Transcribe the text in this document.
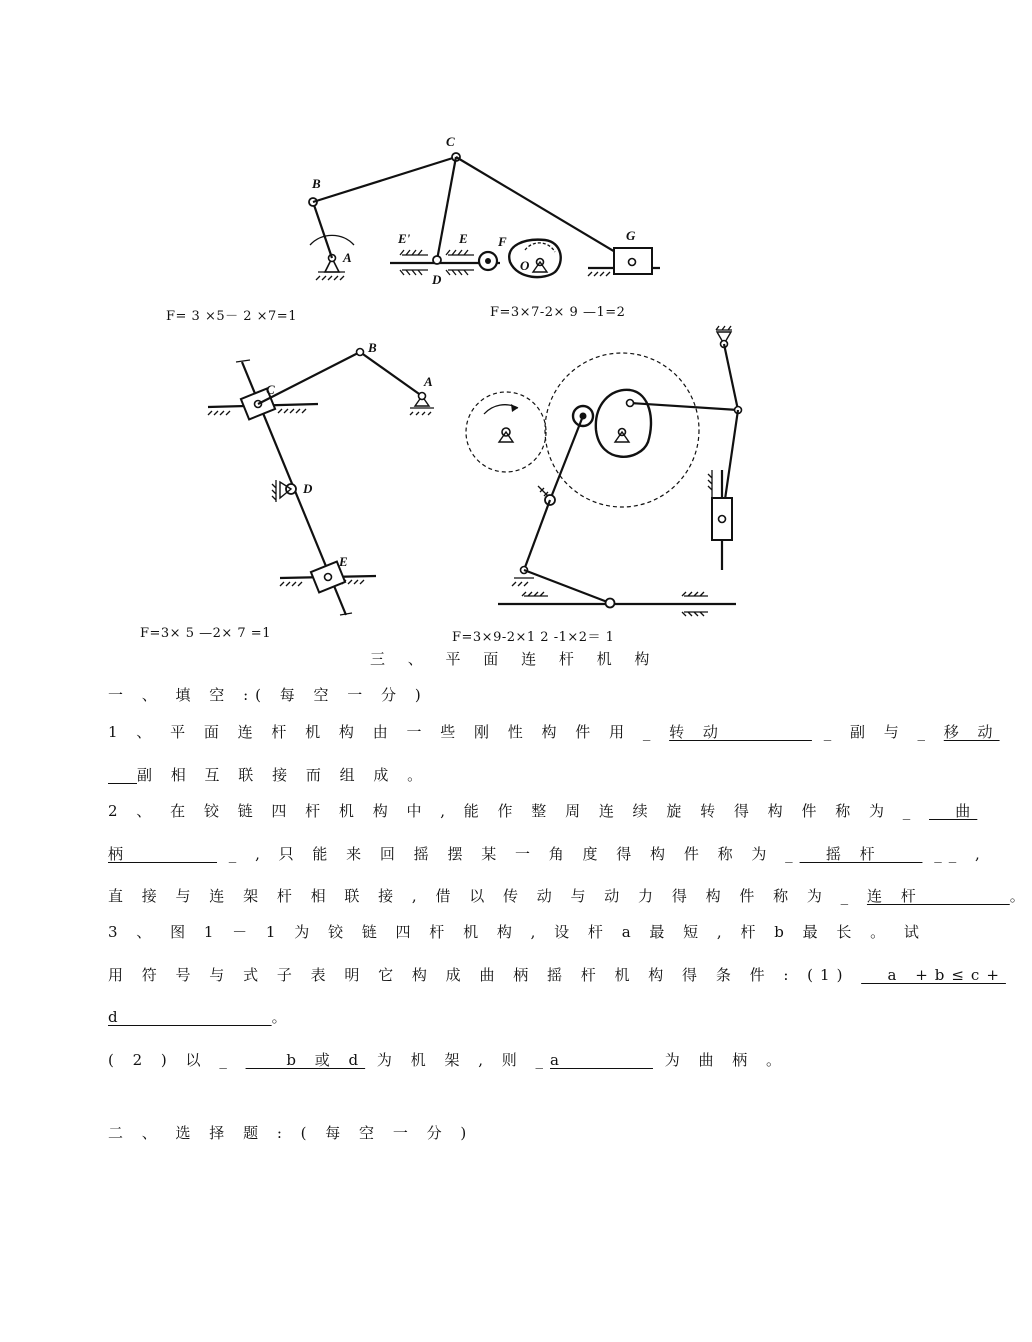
B
C
A
E'	E
D
F
O
G
F= 3 ×5－ 2 ×7=1	F=3×7-2× 9 —1=2
C
B
A
D
E
F=3× 5 —2× 7 =1	F=3×9-2×1 2 -1×2＝ 1
三 、 平 面 连 杆 机 构
一 、 填 空 :( 每 空 一 分 )
1 、 平 面 连 杆 机 构 由 一 些 刚 性 构 件 用 _ 转 动______ _ 副 与 _ 移 动
__副 相 互 联 接 而 组 成 。
2 、 在 铰 链 四 杆 机 构 中 , 能 作 整 周 连 续 旋 转 得 构 件 称 为 _ _ 曲
柄______ _ , 只 能 来 回 摇 摆 某 一 角 度 得 构 件 称 为 __ 摇 杆 __ __ ,
直 接 与 连 架 杆 相 联 接 , 借 以 传 动 与 动 力 得 构 件 称 为 _ 连 杆______。
3 、 图 1 － 1 为 铰 链 四 杆 机 构 , 设 杆 a 最 短 , 杆 b 最 长 。 试
用 符 号 与 式 子 表 明 它 构 成 曲 柄 摇 杆 机 构 得 条 件 : (1) _ a +b≤c+
d__________________。
( 2 ) 以 _ __ b 或 d 为 机 架 , 则 _a______ 为 曲 柄 。
二 、 选 择 题 : ( 每 空 一 分 )
